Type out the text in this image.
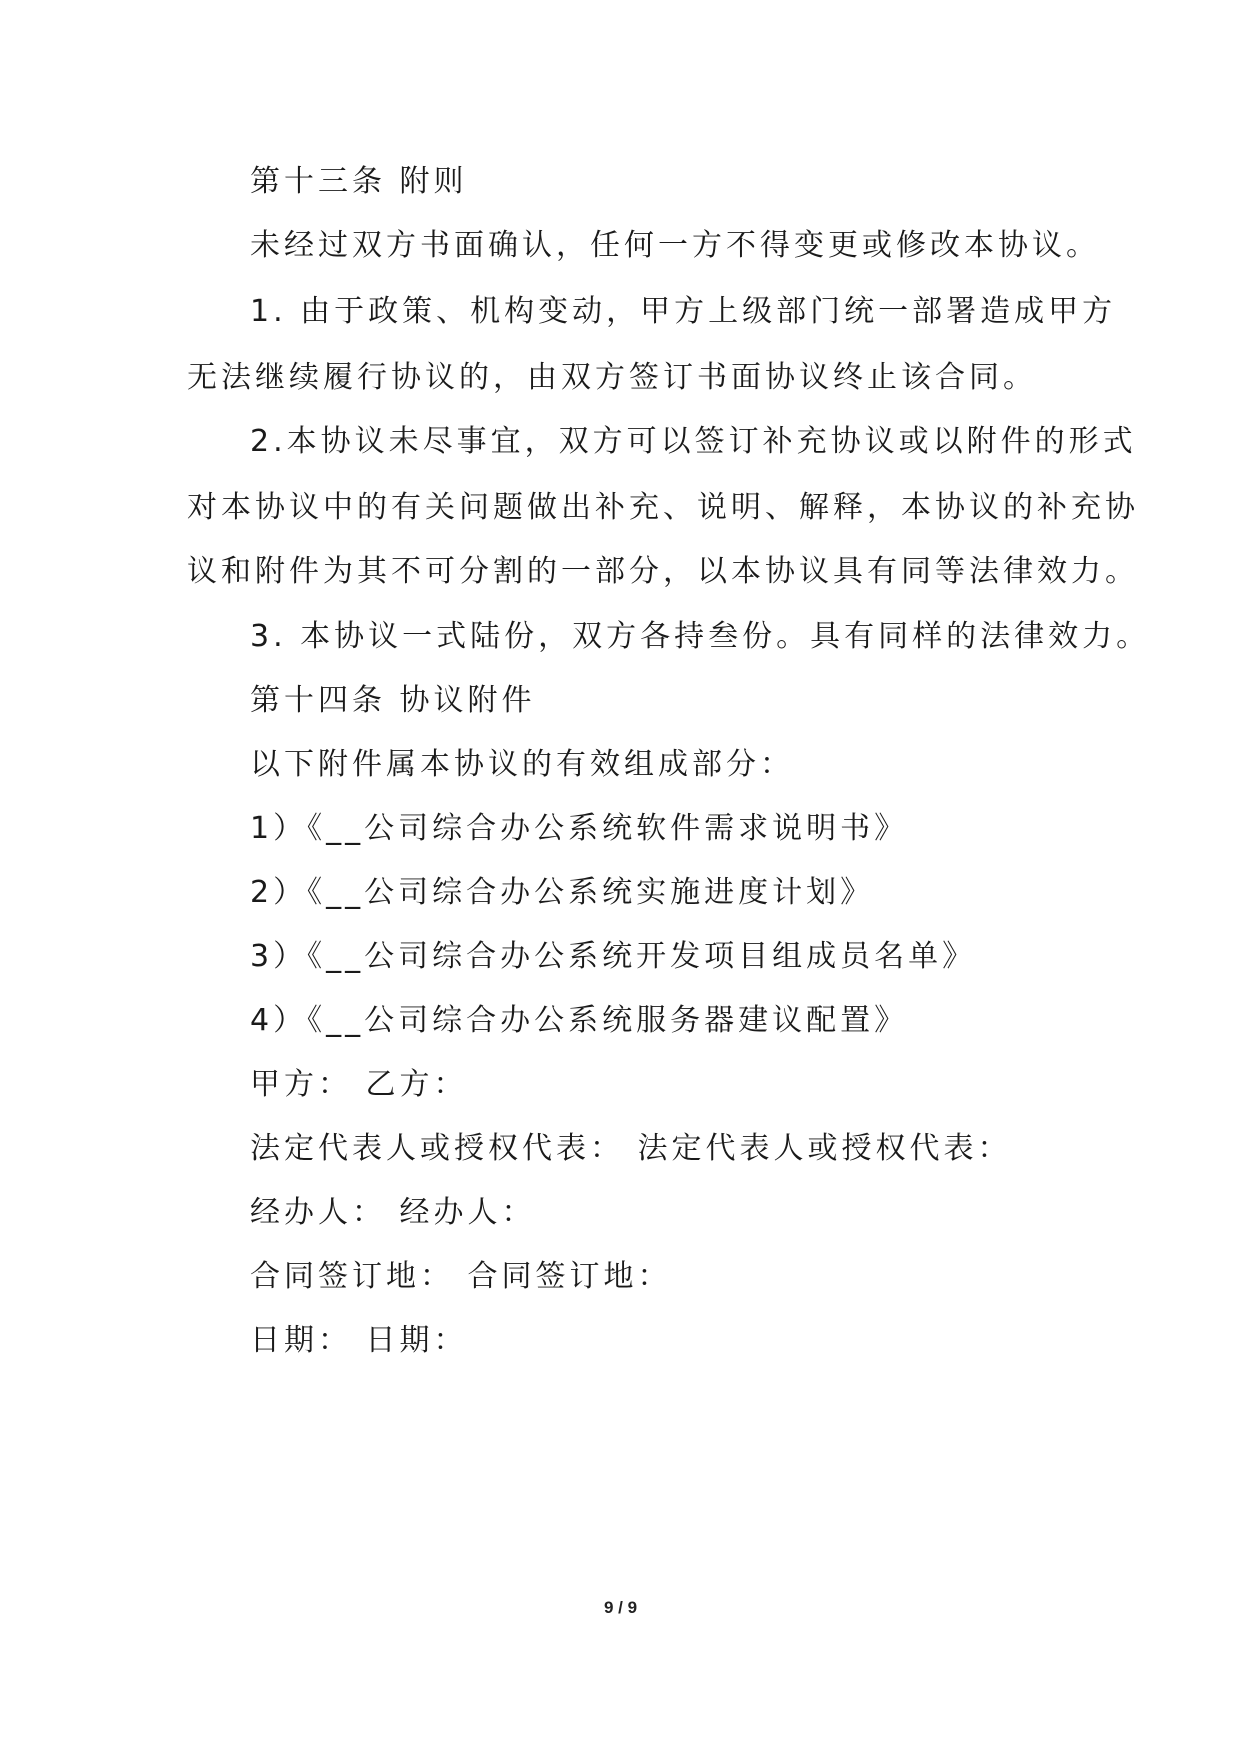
第十三条 附则
未经过双方书面确认，任何一方不得变更或修改本协议。
1. 由于政策、机构变动，甲方上级部门统一部署造成甲方
无法继续履行协议的，由双方签订书面协议终止该合同。
2.本协议未尽事宜，双方可以签订补充协议或以附件的形式
对本协议中的有关问题做出补充、说明、解释，本协议的补充协
议和附件为其不可分割的一部分，以本协议具有同等法律效力。
3. 本协议一式陆份，双方各持叁份。具有同样的法律效力。
第十四条 协议附件
以下附件属本协议的有效组成部分：
1）《__公司综合办公系统软件需求说明书》
2）《__公司综合办公系统实施进度计划》
3）《__公司综合办公系统开发项目组成员名单》
4）《__公司综合办公系统服务器建议配置》
甲方： 乙方：
法定代表人或授权代表： 法定代表人或授权代表：
经办人： 经办人：
合同签订地： 合同签订地：
日期： 日期：
9 / 9
